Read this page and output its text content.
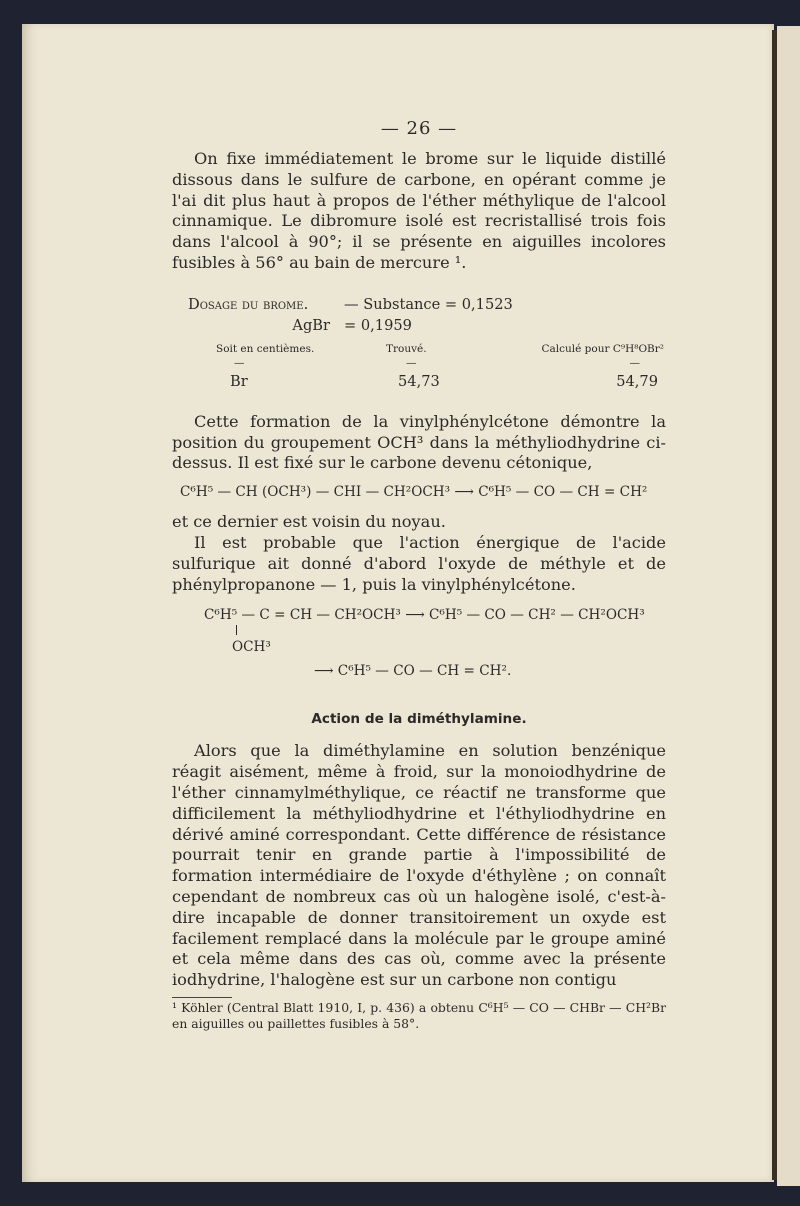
— 26 —

On fixe immédiatement le brome sur le liquide distillé dissous dans le sulfure de carbone, en opérant comme je l'ai dit plus haut à propos de l'éther méthylique de l'alcool cinnamique. Le dibromure isolé est recristallisé trois fois dans l'alcool à 90°; il se présente en aiguilles incolores fusibles à 56° au bain de mercure ¹.

Dosage du brome.	— Substance = 0,1523
AgBr = 0,1959
Soit en centièmes.	Trouvé.	Calculé pour C⁹H⁸OBr²
—	—	—
Br	54,73	54,79

Cette formation de la vinylphénylcétone démontre la position du groupement OCH³ dans la méthyliodhydrine ci-dessus. Il est fixé sur le carbone devenu cétonique,

C⁶H⁵ — CH (OCH³) — CHI — CH²OCH³ ⟶ C⁶H⁵ — CO — CH = CH²

et ce dernier est voisin du noyau.

Il est probable que l'action énergique de l'acide sulfurique ait donné d'abord l'oxyde de méthyle et de phénylpropanone — 1, puis la vinylphénylcétone.

C⁶H⁵ — C = CH — CH²OCH³ ⟶ C⁶H⁵ — CO — CH² — CH²OCH³
OCH³
⟶ C⁶H⁵ — CO — CH = CH².
Action de la diméthylamine.

Alors que la diméthylamine en solution benzénique réagit aisément, même à froid, sur la monoiodhydrine de l'éther cinnamylméthylique, ce réactif ne transforme que difficilement la méthyliodhydrine et l'éthyliodhydrine en dérivé aminé correspondant. Cette différence de résistance pourrait tenir en grande partie à l'impossibilité de formation intermédiaire de l'oxyde d'éthylène ; on connaît cependant de nombreux cas où un halogène isolé, c'est-à-dire incapable de donner transitoirement un oxyde est facilement remplacé dans la molécule par le groupe aminé et cela même dans des cas où, comme avec la présente iodhydrine, l'halogène est sur un carbone non contigu

¹ Köhler (Central Blatt 1910, I, p. 436) a obtenu C⁶H⁵ — CO — CHBr — CH²Br en aiguilles ou paillettes fusibles à 58°.
